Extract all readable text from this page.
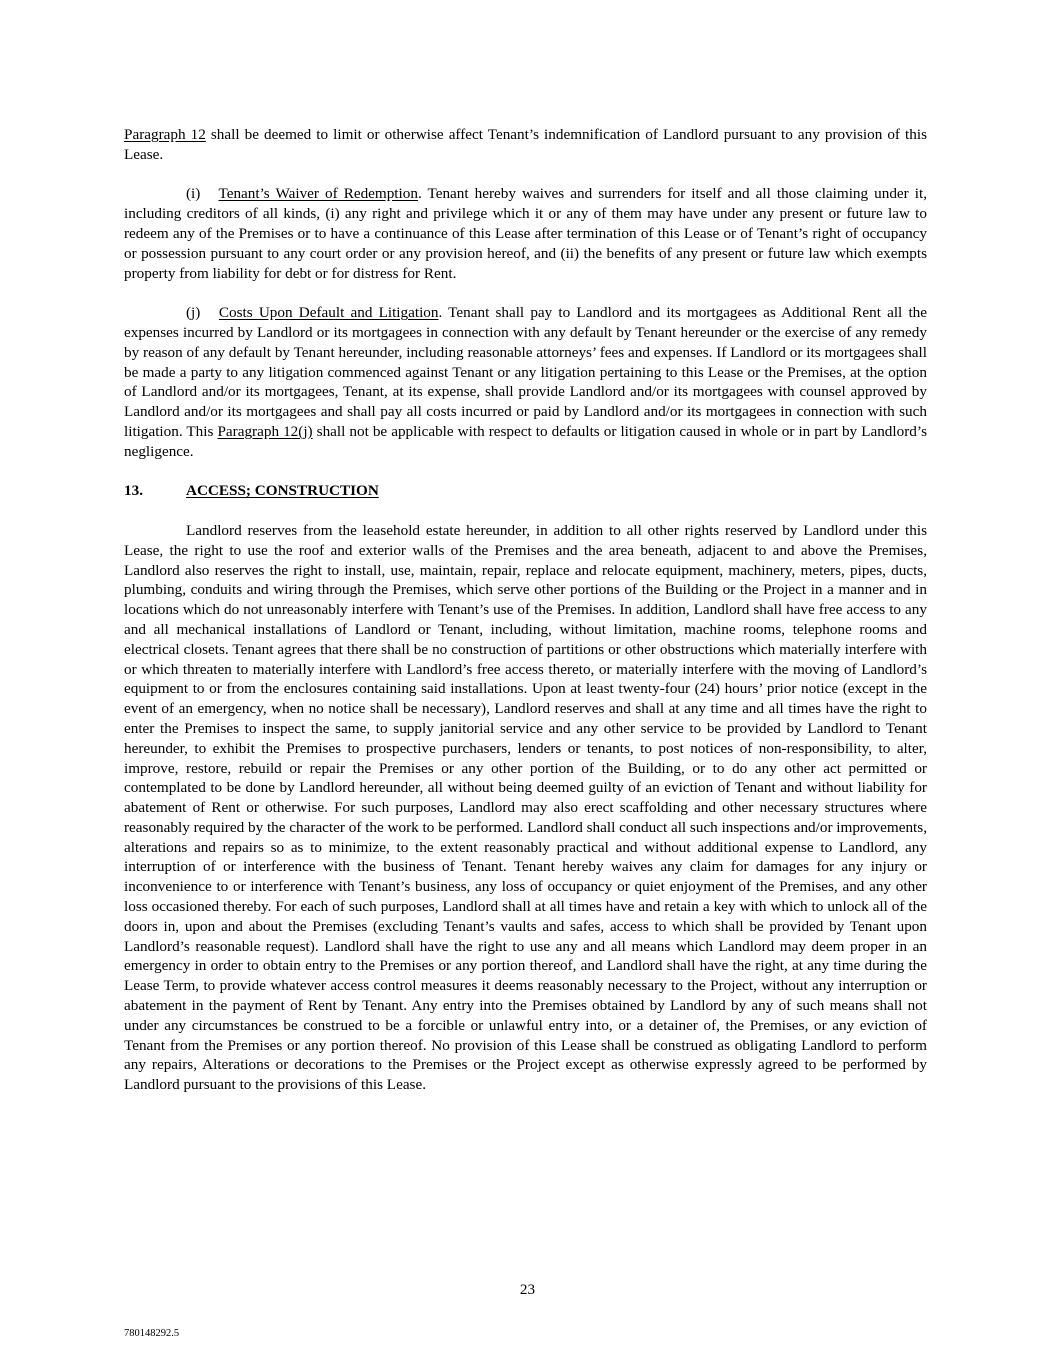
Paragraph 12 shall be deemed to limit or otherwise affect Tenant’s indemnification of Landlord pursuant to any provision of this Lease.

(i) Tenant’s Waiver of Redemption. Tenant hereby waives and surrenders for itself and all those claiming under it, including creditors of all kinds, (i) any right and privilege which it or any of them may have under any present or future law to redeem any of the Premises or to have a continuance of this Lease after termination of this Lease or of Tenant’s right of occupancy or possession pursuant to any court order or any provision hereof, and (ii) the benefits of any present or future law which exempts property from liability for debt or for distress for Rent.

(j) Costs Upon Default and Litigation. Tenant shall pay to Landlord and its mortgagees as Additional Rent all the expenses incurred by Landlord or its mortgagees in connection with any default by Tenant hereunder or the exercise of any remedy by reason of any default by Tenant hereunder, including reasonable attorneys’ fees and expenses. If Landlord or its mortgagees shall be made a party to any litigation commenced against Tenant or any litigation pertaining to this Lease or the Premises, at the option of Landlord and/or its mortgagees, Tenant, at its expense, shall provide Landlord and/or its mortgagees with counsel approved by Landlord and/or its mortgagees and shall pay all costs incurred or paid by Landlord and/or its mortgagees in connection with such litigation. This Paragraph 12(j) shall not be applicable with respect to defaults or litigation caused in whole or in part by Landlord’s negligence.

13.	ACCESS; CONSTRUCTION

Landlord reserves from the leasehold estate hereunder, in addition to all other rights reserved by Landlord under this Lease, the right to use the roof and exterior walls of the Premises and the area beneath, adjacent to and above the Premises, Landlord also reserves the right to install, use, maintain, repair, replace and relocate equipment, machinery, meters, pipes, ducts, plumbing, conduits and wiring through the Premises, which serve other portions of the Building or the Project in a manner and in locations which do not unreasonably interfere with Tenant’s use of the Premises. In addition, Landlord shall have free access to any and all mechanical installations of Landlord or Tenant, including, without limitation, machine rooms, telephone rooms and electrical closets. Tenant agrees that there shall be no construction of partitions or other obstructions which materially interfere with or which threaten to materially interfere with Landlord’s free access thereto, or materially interfere with the moving of Landlord’s equipment to or from the enclosures containing said installations. Upon at least twenty-four (24) hours’ prior notice (except in the event of an emergency, when no notice shall be necessary), Landlord reserves and shall at any time and all times have the right to enter the Premises to inspect the same, to supply janitorial service and any other service to be provided by Landlord to Tenant hereunder, to exhibit the Premises to prospective purchasers, lenders or tenants, to post notices of non-responsibility, to alter, improve, restore, rebuild or repair the Premises or any other portion of the Building, or to do any other act permitted or contemplated to be done by Landlord hereunder, all without being deemed guilty of an eviction of Tenant and without liability for abatement of Rent or otherwise. For such purposes, Landlord may also erect scaffolding and other necessary structures where reasonably required by the character of the work to be performed. Landlord shall conduct all such inspections and/or improvements, alterations and repairs so as to minimize, to the extent reasonably practical and without additional expense to Landlord, any interruption of or interference with the business of Tenant. Tenant hereby waives any claim for damages for any injury or inconvenience to or interference with Tenant’s business, any loss of occupancy or quiet enjoyment of the Premises, and any other loss occasioned thereby. For each of such purposes, Landlord shall at all times have and retain a key with which to unlock all of the doors in, upon and about the Premises (excluding Tenant’s vaults and safes, access to which shall be provided by Tenant upon Landlord’s reasonable request). Landlord shall have the right to use any and all means which Landlord may deem proper in an emergency in order to obtain entry to the Premises or any portion thereof, and Landlord shall have the right, at any time during the Lease Term, to provide whatever access control measures it deems reasonably necessary to the Project, without any interruption or abatement in the payment of Rent by Tenant. Any entry into the Premises obtained by Landlord by any of such means shall not under any circumstances be construed to be a forcible or unlawful entry into, or a detainer of, the Premises, or any eviction of Tenant from the Premises or any portion thereof. No provision of this Lease shall be construed as obligating Landlord to perform any repairs, Alterations or decorations to the Premises or the Project except as otherwise expressly agreed to be performed by Landlord pursuant to the provisions of this Lease.

23
780148292.5
